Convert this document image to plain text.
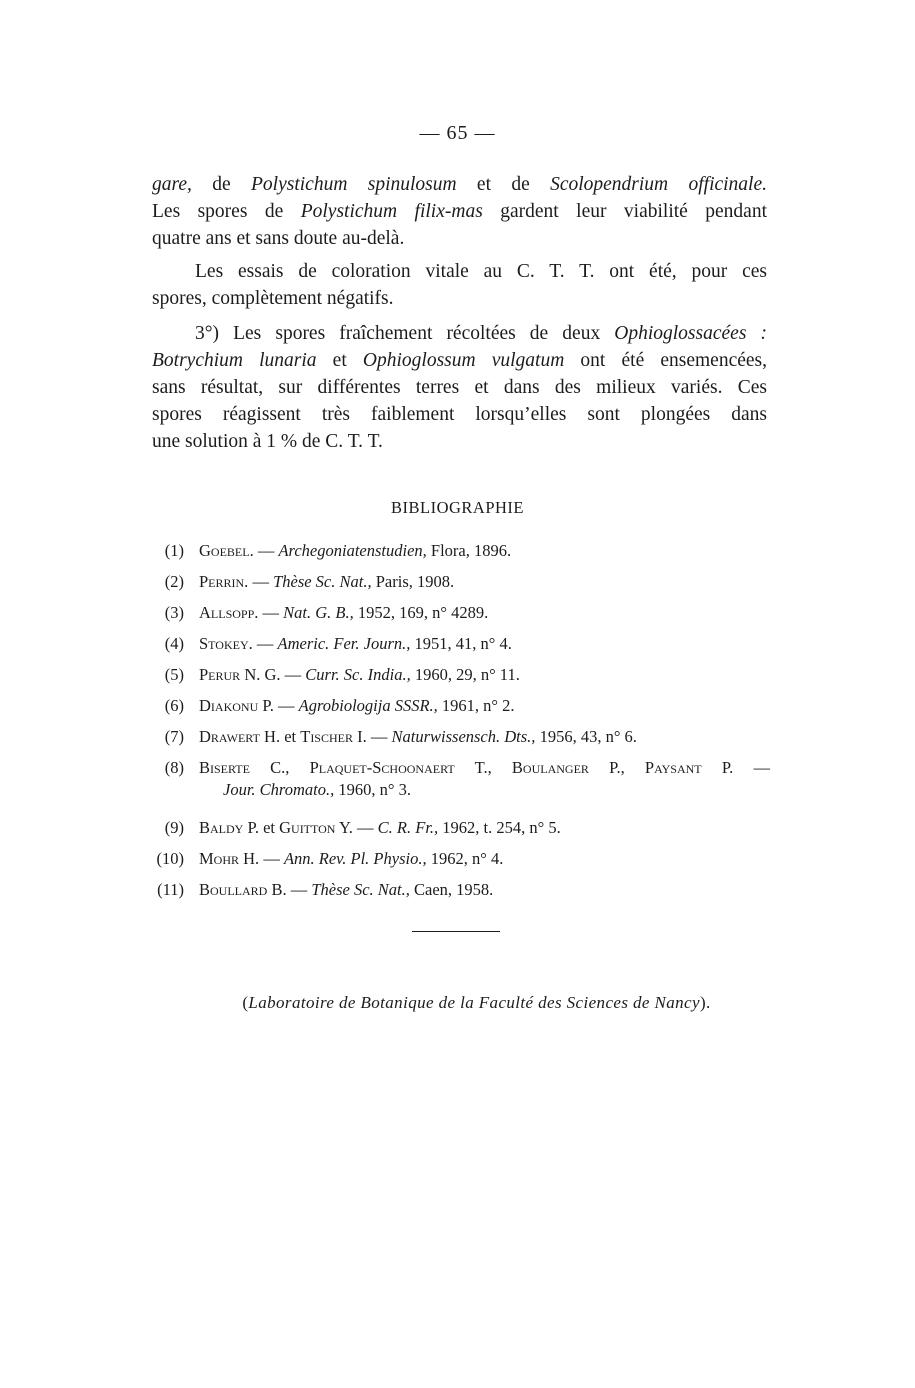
— 65 —
gare, de Polystichum spinulosum et de Scolopendrium officinale.
Les spores de Polystichum filix-mas gardent leur viabilité pendant
quatre ans et sans doute au-delà.
Les essais de coloration vitale au C. T. T. ont été, pour ces
spores, complètement négatifs.
3°) Les spores fraîchement récoltées de deux Ophioglossacées :
Botrychium lunaria et Ophioglossum vulgatum ont été ensemencées,
sans résultat, sur différentes terres et dans des milieux variés. Ces
spores réagissent très faiblement lorsqu’elles sont plongées dans
une solution à 1 % de C. T. T.
BIBLIOGRAPHIE
(1) Goebel. — Archegoniatenstudien, Flora, 1896.
(2) Perrin. — Thèse Sc. Nat., Paris, 1908.
(3) Allsopp. — Nat. G. B., 1952, 169, n° 4289.
(4) Stokey. — Americ. Fer. Journ., 1951, 41, n° 4.
(5) Perur N. G. — Curr. Sc. India., 1960, 29, n° 11.
(6) Diakonu P. — Agrobiologija SSSR., 1961, n° 2.
(7) Drawert H. et Tischer I. — Naturwissensch. Dts., 1956, 43, n° 6.
(8) Biserte C., Plaquet-Schoonaert T., Boulanger P., Paysant P. —
Jour. Chromato., 1960, n° 3.
(9) Baldy P. et Guitton Y. — C. R. Fr., 1962, t. 254, n° 5.
(10) Mohr H. — Ann. Rev. Pl. Physio., 1962, n° 4.
(11) Boullard B. — Thèse Sc. Nat., Caen, 1958.
(Laboratoire de Botanique de la Faculté des Sciences de Nancy).
